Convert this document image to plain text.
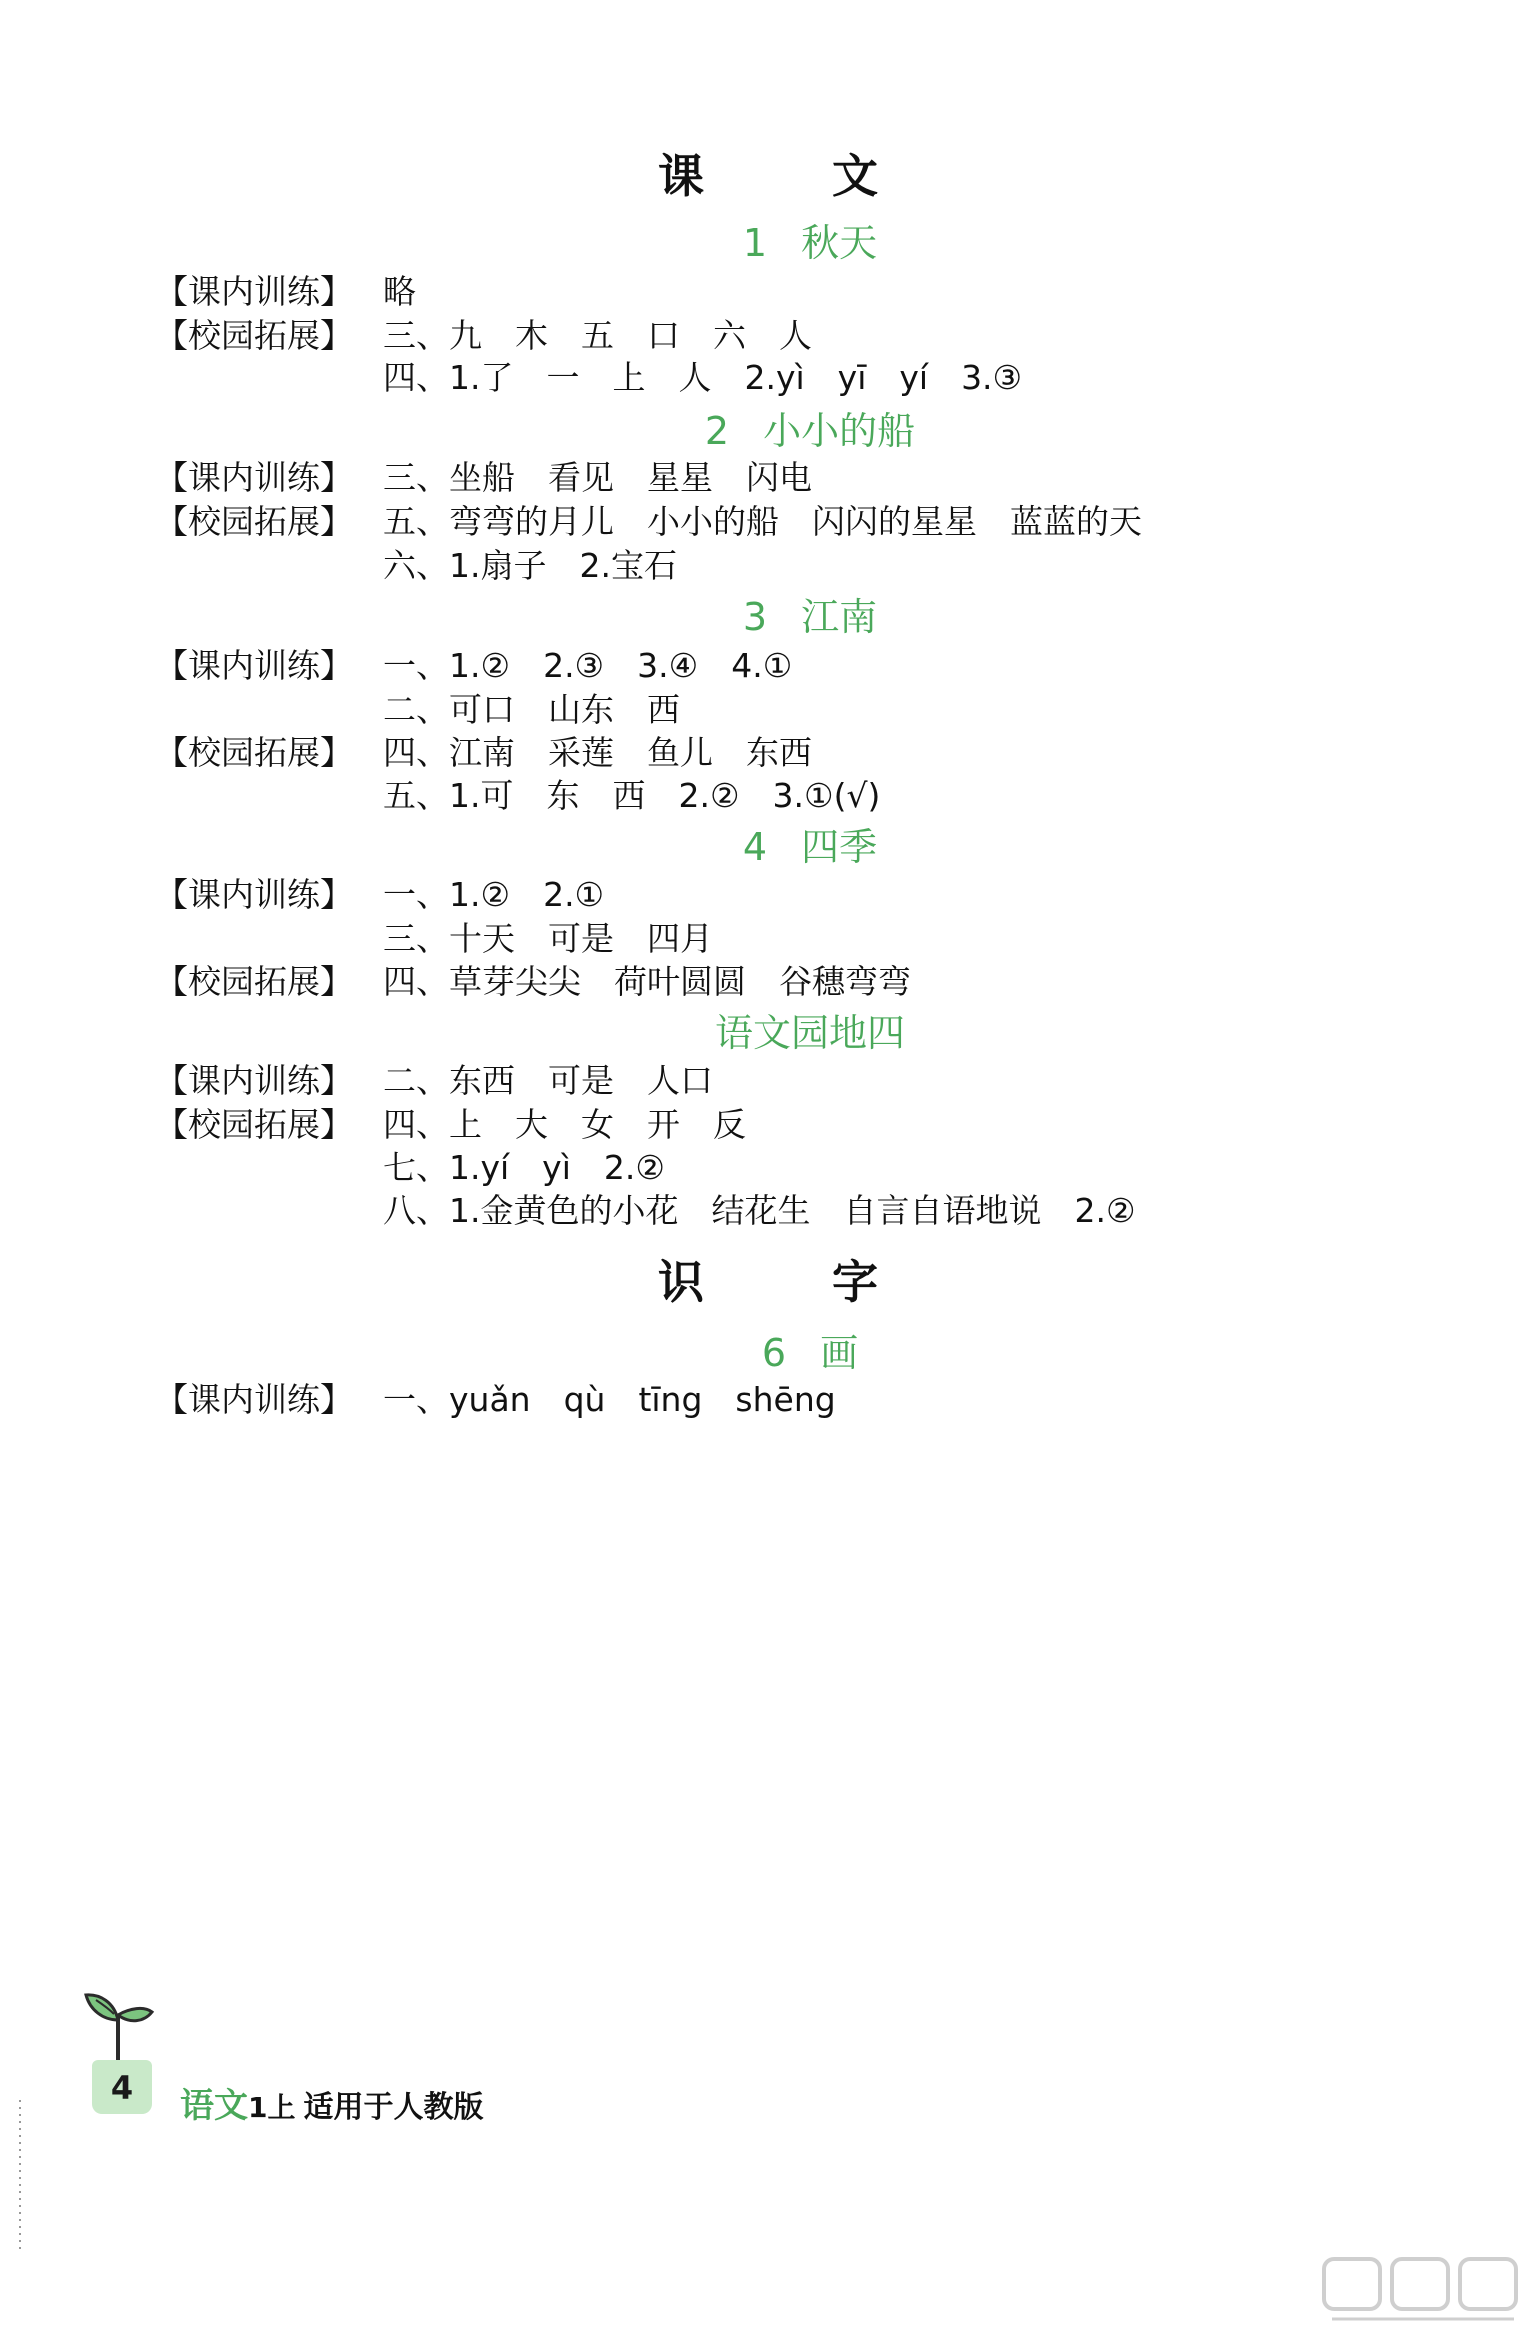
课 文
1 秋天
【课内训练】 略
【校园拓展】 三、九　木　五　口　六　人
四、1.了　一　上　人　2.yì　yī　yí　3.③
2 小小的船
【课内训练】 三、坐船　看见　星星　闪电
【校园拓展】 五、弯弯的月儿　小小的船　闪闪的星星　蓝蓝的天
六、1.扇子　2.宝石
3 江南
【课内训练】 一、1.②　2.③　3.④　4.①
二、可口　山东　西
【校园拓展】 四、江南　采莲　鱼儿　东西
五、1.可　东　西　2.②　3.①(√)
4 四季
【课内训练】 一、1.②　2.①
三、十天　可是　四月
【校园拓展】 四、草芽尖尖　荷叶圆圆　谷穗弯弯
语文园地四
【课内训练】 二、东西　可是　人口
【校园拓展】 四、上　大　女　开　反
七、1.yí　yì　2.②
八、1.金黄色的小花　结花生　自言自语地说　2.②
识 字
6 画
【课内训练】 一、yuǎn　qù　tīng　shēng
4	语文1上 适用于人教版
